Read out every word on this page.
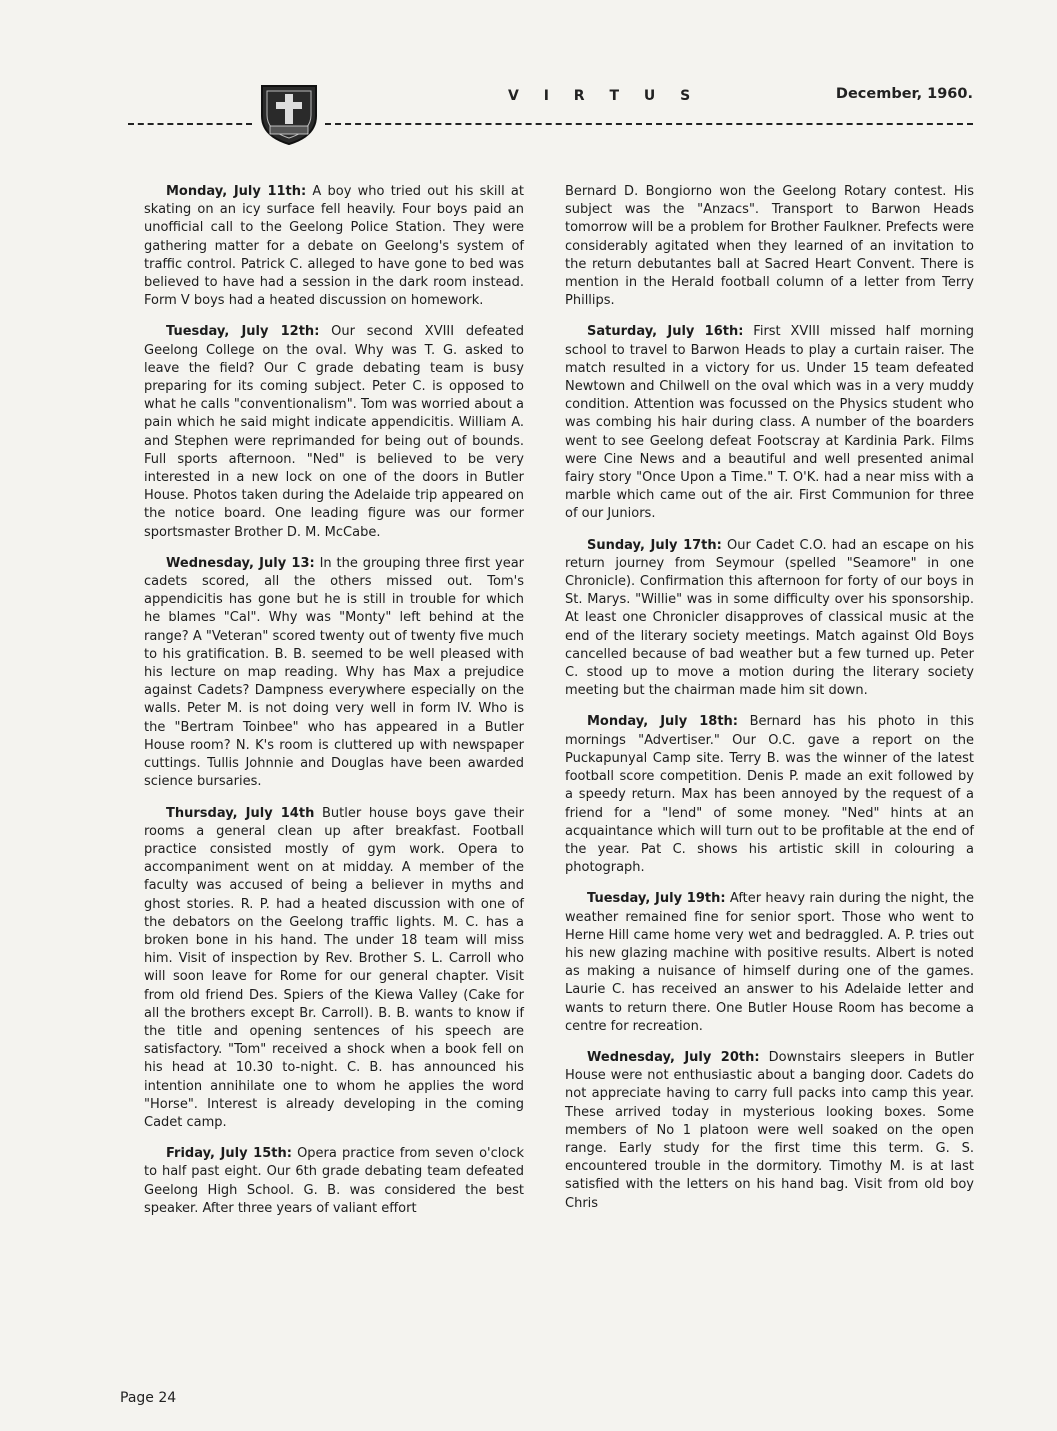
V I R T U S	December, 1960.

Monday, July 11th: A boy who tried out his skill at skating on an icy surface fell heavily. Four boys paid an unofficial call to the Geelong Police Station. They were gathering matter for a debate on Geelong's system of traffic control. Patrick C. alleged to have gone to bed was believed to have had a session in the dark room instead. Form V boys had a heated discussion on homework.

Tuesday, July 12th: Our second XVIII defeated Geelong College on the oval. Why was T. G. asked to leave the field? Our C grade debating team is busy preparing for its coming subject. Peter C. is opposed to what he calls "conventionalism". Tom was worried about a pain which he said might indicate appendicitis. William A. and Stephen were reprimanded for being out of bounds. Full sports afternoon. "Ned" is believed to be very interested in a new lock on one of the doors in Butler House. Photos taken during the Adelaide trip appeared on the notice board. One leading figure was our former sportsmaster Brother D. M. McCabe.

Wednesday, July 13: In the grouping three first year cadets scored, all the others missed out. Tom's appendicitis has gone but he is still in trouble for which he blames "Cal". Why was "Monty" left behind at the range? A "Veteran" scored twenty out of twenty five much to his gratification. B. B. seemed to be well pleased with his lecture on map reading. Why has Max a prejudice against Cadets? Dampness everywhere especially on the walls. Peter M. is not doing very well in form IV. Who is the "Bertram Toinbee" who has appeared in a Butler House room? N. K's room is cluttered up with newspaper cuttings. Tullis Johnnie and Douglas have been awarded science bursaries.

Thursday, July 14th Butler house boys gave their rooms a general clean up after breakfast. Football practice consisted mostly of gym work. Opera to accompaniment went on at midday. A member of the faculty was accused of being a believer in myths and ghost stories. R. P. had a heated discussion with one of the debators on the Geelong traffic lights. M. C. has a broken bone in his hand. The under 18 team will miss him. Visit of inspection by Rev. Brother S. L. Carroll who will soon leave for Rome for our general chapter. Visit from old friend Des. Spiers of the Kiewa Valley (Cake for all the brothers except Br. Carroll). B. B. wants to know if the title and opening sentences of his speech are satisfactory. "Tom" received a shock when a book fell on his head at 10.30 to-night. C. B. has announced his intention annihilate one to whom he applies the word "Horse". Interest is already developing in the coming Cadet camp.

Friday, July 15th: Opera practice from seven o'clock to half past eight. Our 6th grade debating team defeated Geelong High School. G. B. was considered the best speaker. After three years of valiant effort

Bernard D. Bongiorno won the Geelong Rotary contest. His subject was the "Anzacs". Transport to Barwon Heads tomorrow will be a problem for Brother Faulkner. Prefects were considerably agitated when they learned of an invitation to the return debutantes ball at Sacred Heart Convent. There is mention in the Herald football column of a letter from Terry Phillips.

Saturday, July 16th: First XVIII missed half morning school to travel to Barwon Heads to play a curtain raiser. The match resulted in a victory for us. Under 15 team defeated Newtown and Chilwell on the oval which was in a very muddy condition. Attention was focussed on the Physics student who was combing his hair during class. A number of the boarders went to see Geelong defeat Footscray at Kardinia Park. Films were Cine News and a beautiful and well presented animal fairy story "Once Upon a Time." T. O'K. had a near miss with a marble which came out of the air. First Communion for three of our Juniors.

Sunday, July 17th: Our Cadet C.O. had an escape on his return journey from Seymour (spelled "Seamore" in one Chronicle). Confirmation this afternoon for forty of our boys in St. Marys. "Willie" was in some difficulty over his sponsorship. At least one Chronicler disapproves of classical music at the end of the literary society meetings. Match against Old Boys cancelled because of bad weather but a few turned up. Peter C. stood up to move a motion during the literary society meeting but the chairman made him sit down.

Monday, July 18th: Bernard has his photo in this mornings "Advertiser." Our O.C. gave a report on the Puckapunyal Camp site. Terry B. was the winner of the latest football score competition. Denis P. made an exit followed by a speedy return. Max has been annoyed by the request of a friend for a "lend" of some money. "Ned" hints at an acquaintance which will turn out to be profitable at the end of the year. Pat C. shows his artistic skill in colouring a photograph.

Tuesday, July 19th: After heavy rain during the night, the weather remained fine for senior sport. Those who went to Herne Hill came home very wet and bedraggled. A. P. tries out his new glazing machine with positive results. Albert is noted as making a nuisance of himself during one of the games. Laurie C. has received an answer to his Adelaide letter and wants to return there. One Butler House Room has become a centre for recreation.

Wednesday, July 20th: Downstairs sleepers in Butler House were not enthusiastic about a banging door. Cadets do not appreciate having to carry full packs into camp this year. These arrived today in mysterious looking boxes. Some members of No 1 platoon were well soaked on the open range. Early study for the first time this term. G. S. encountered trouble in the dormitory. Timothy M. is at last satisfied with the letters on his hand bag. Visit from old boy Chris

Page 24
